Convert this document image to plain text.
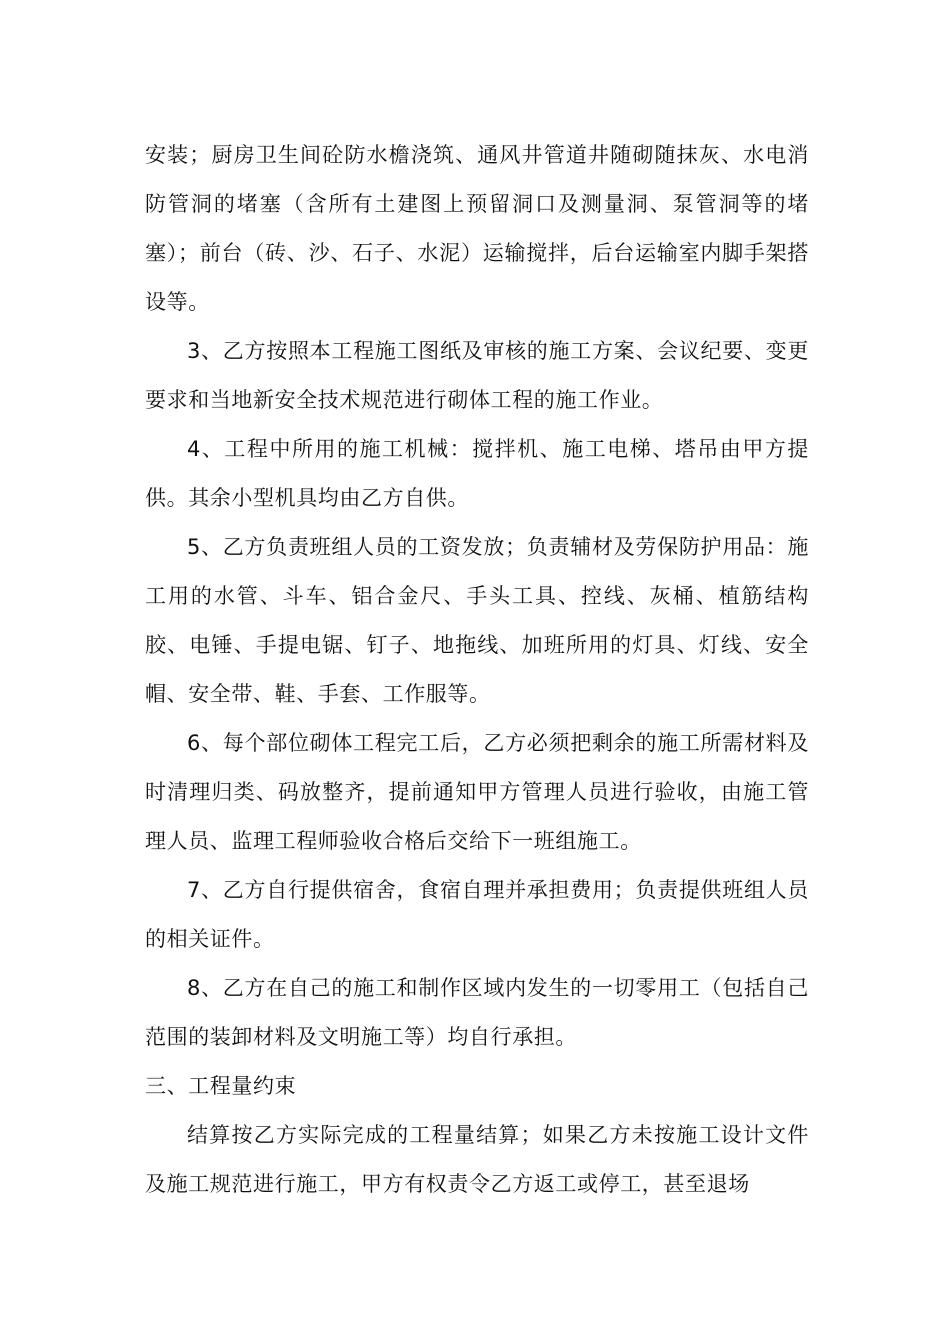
安装；厨房卫生间砼防水檐浇筑、通风井管道井随砌随抹灰、水电消防管洞的堵塞（含所有土建图上预留洞口及测量洞、泵管洞等的堵塞）；前台（砖、沙、石子、水泥）运输搅拌，后台运输室内脚手架搭设等。

3、乙方按照本工程施工图纸及审核的施工方案、会议纪要、变更要求和当地新安全技术规范进行砌体工程的施工作业。

4、工程中所用的施工机械：搅拌机、施工电梯、塔吊由甲方提供。其余小型机具均由乙方自供。

5、乙方负责班组人员的工资发放；负责辅材及劳保防护用品：施工用的水管、斗车、铝合金尺、手头工具、控线、灰桶、植筋结构胶、电锤、手提电锯、钉子、地拖线、加班所用的灯具、灯线、安全帽、安全带、鞋、手套、工作服等。

6、每个部位砌体工程完工后，乙方必须把剩余的施工所需材料及时清理归类、码放整齐，提前通知甲方管理人员进行验收，由施工管理人员、监理工程师验收合格后交给下一班组施工。

7、乙方自行提供宿舍，食宿自理并承担费用；负责提供班组人员的相关证件。

8、乙方在自己的施工和制作区域内发生的一切零用工（包括自己范围的装卸材料及文明施工等）均自行承担。

三、工程量约束

结算按乙方实际完成的工程量结算；如果乙方未按施工设计文件及施工规范进行施工，甲方有权责令乙方返工或停工，甚至退场
